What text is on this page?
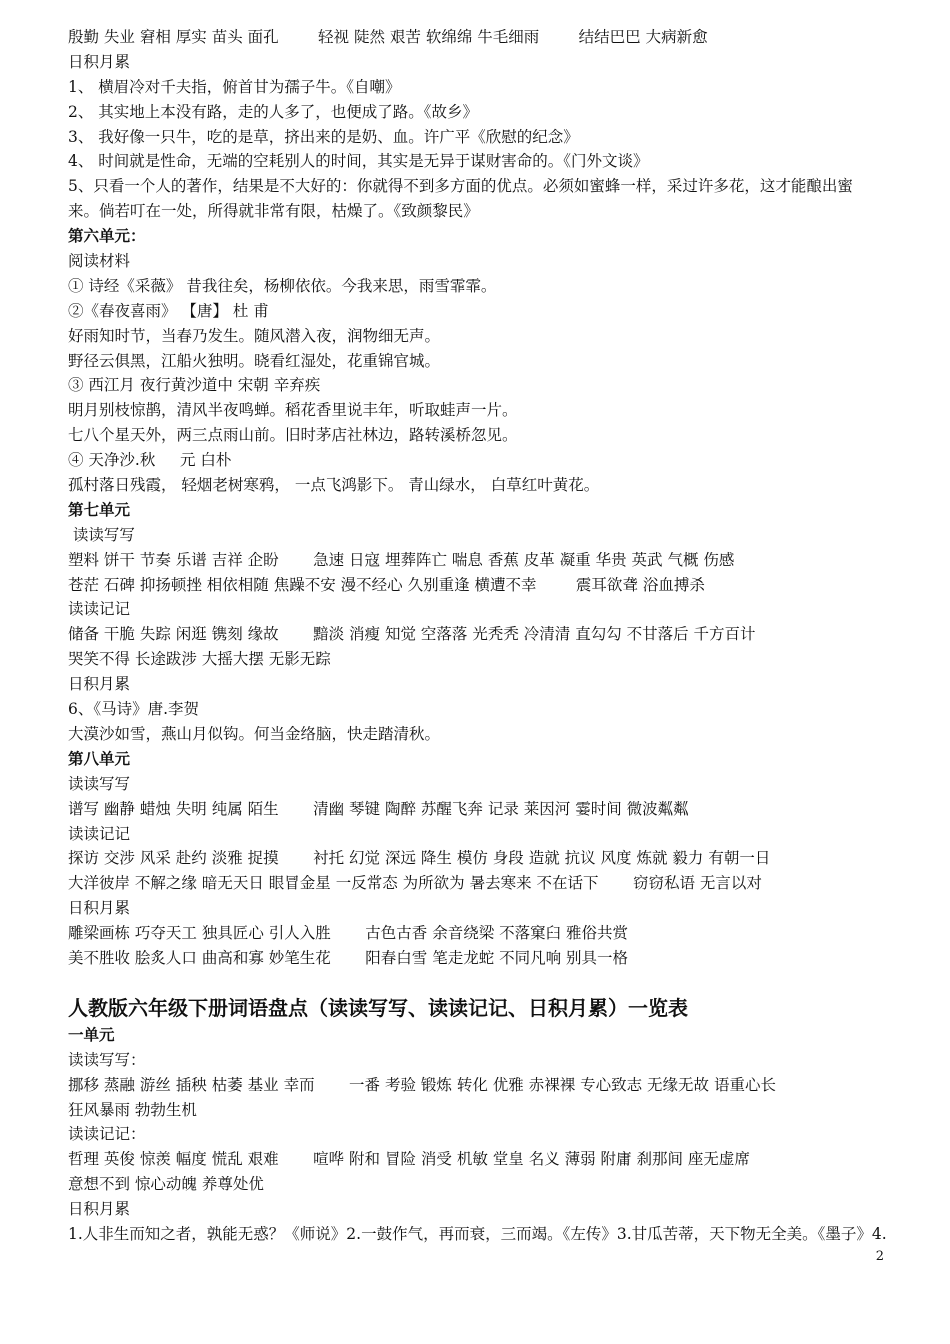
殷勤 失业 窘相 厚实 苗头 面孔        轻视 陡然 艰苦 软绵绵 牛毛细雨        结结巴巴 大病新愈
日积月累
1、 横眉冷对千夫指，俯首甘为孺子牛。《自嘲》
2、 其实地上本没有路，走的人多了，也便成了路。《故乡》
3、 我好像一只牛，吃的是草，挤出来的是奶、血。许广平《欣慰的纪念》
4、 时间就是性命，无端的空耗别人的时间，其实是无异于谋财害命的。《门外文谈》
5、只看一个人的著作，结果是不大好的：你就得不到多方面的优点。必须如蜜蜂一样，采过许多花，这才能酿出蜜
来。倘若叮在一处，所得就非常有限，枯燥了。《致颜黎民》
第六单元：
阅读材料
① 诗经《采薇》 昔我往矣，杨柳依依。今我来思，雨雪霏霏。
②《春夜喜雨》 【唐】 杜 甫
好雨知时节，当春乃发生。随风潜入夜，润物细无声。
野径云俱黑，江船火独明。晓看红湿处，花重锦官城。
③ 西江月 夜行黄沙道中 宋朝 辛弃疾
明月别枝惊鹊，清风半夜鸣蝉。稻花香里说丰年，听取蛙声一片。
七八个星天外，两三点雨山前。旧时茅店社林边，路转溪桥忽见。
④ 天净沙.秋     元 白朴
孤村落日残霞， 轻烟老树寒鸦， 一点飞鸿影下。 青山绿水， 白草红叶黄花。
第七单元
读读写写
塑料 饼干 节奏 乐谱 吉祥 企盼       急速 日寇 埋葬阵亡 喘息 香蕉 皮革 凝重 华贵 英武 气概 伤感
苍茫 石碑 抑扬顿挫 相依相随 焦躁不安 漫不经心 久别重逢 横遭不幸        震耳欲聋 浴血搏杀
读读记记
储备 干脆 失踪 闲逛 镌刻 缘故       黯淡 消瘦 知觉 空落落 光秃秃 冷清清 直勾勾 不甘落后 千方百计
哭笑不得 长途跋涉 大摇大摆 无影无踪
日积月累
6、《马诗》唐.李贺
大漠沙如雪，燕山月似钩。何当金络脑，快走踏清秋。
第八单元
读读写写
谱写 幽静 蜡烛 失明 纯属 陌生       清幽 琴键 陶醉 苏醒飞奔 记录 莱因河 霎时间 微波粼粼
读读记记
探访 交涉 风采 赴约 淡雅 捉摸       衬托 幻觉 深远 降生 模仿 身段 造就 抗议 风度 炼就 毅力 有朝一日
大洋彼岸 不解之缘 暗无天日 眼冒金星 一反常态 为所欲为 暑去寒来 不在话下       窃窃私语 无言以对
日积月累
雕梁画栋 巧夺天工 独具匠心 引人入胜       古色古香 余音绕梁 不落窠臼 雅俗共赏
美不胜收 脍炙人口 曲高和寡 妙笔生花       阳春白雪 笔走龙蛇 不同凡响 别具一格
人教版六年级下册词语盘点（读读写写、读读记记、日积月累）一览表
一单元
读读写写：
挪移 蒸融 游丝 插秧 枯萎 基业 幸而       一番 考验 锻炼 转化 优雅 赤裸裸 专心致志 无缘无故 语重心长
狂风暴雨 勃勃生机
读读记记：
哲理 英俊 惊羡 幅度 慌乱 艰难       喧哗 附和 冒险 消受 机敏 堂皇 名义 薄弱 附庸 刹那间 座无虚席
意想不到 惊心动魄 养尊处优
日积月累
1.人非生而知之者，孰能无惑？《师说》2.一鼓作气，再而衰，三而竭。《左传》3.甘瓜苦蒂，天下物无全美。《墨子》4.
2
